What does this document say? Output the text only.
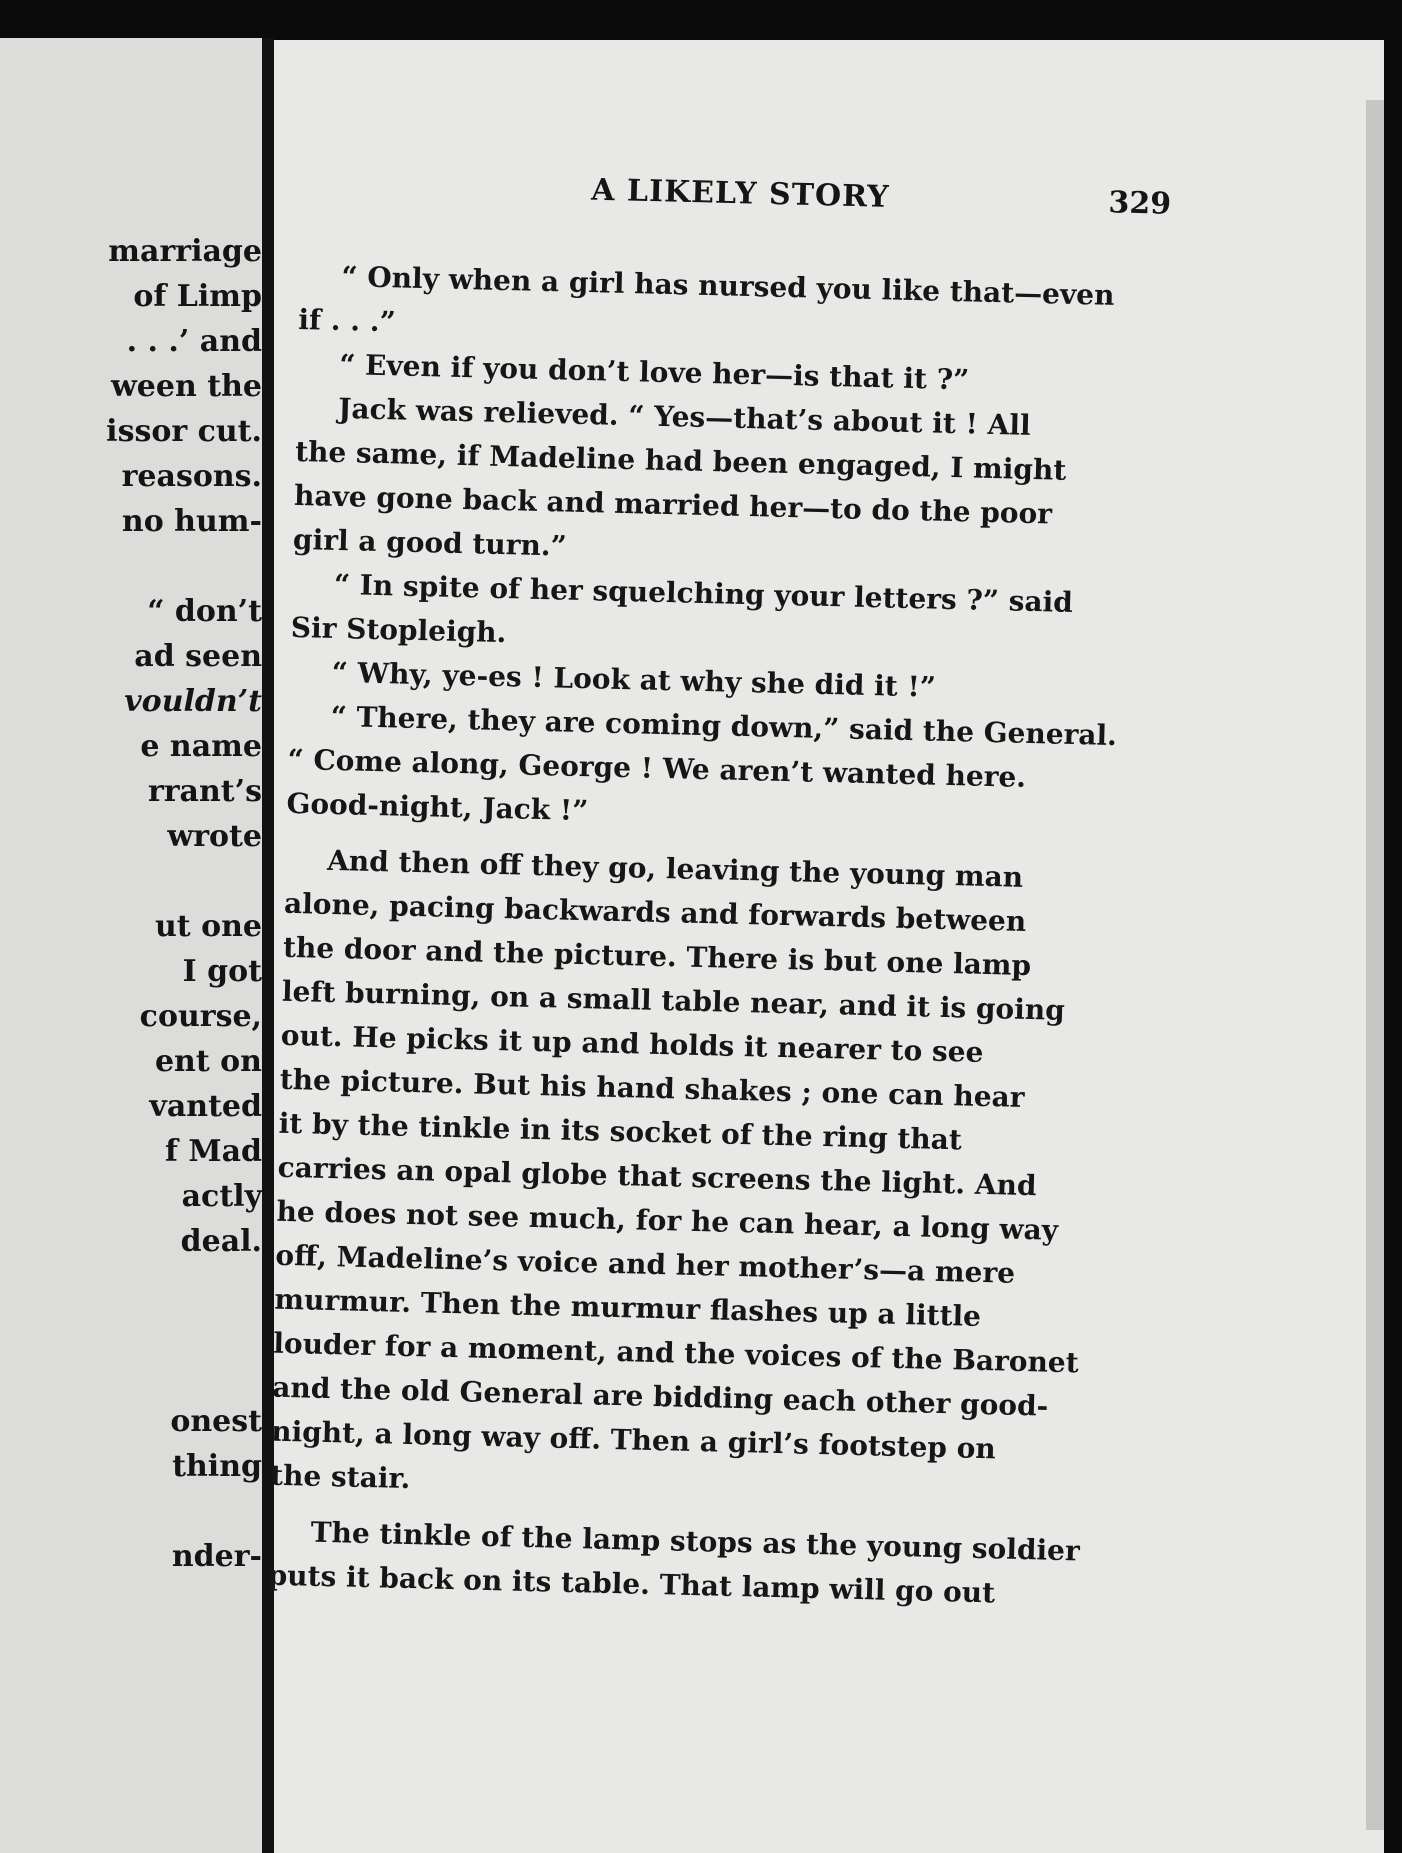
marriage
of Limp
. . .’ and
ween the
issor cut.
reasons.
no hum-
“ don’t
ad seen
vouldn’t
e name
rrant’s
wrote
ut one
I got
course,
ent on
vanted
f Mad
actly
deal.
onest
thing
nder-
A LIKELY STORY	329
“ Only when a girl has nursed you like that—even
if . . .”
“ Even if you don’t love her—is that it ?”
Jack was relieved. “ Yes—that’s about it ! All
the same, if Madeline had been engaged, I might
have gone back and married her—to do the poor
girl a good turn.”
“ In spite of her squelching your letters ?” said
Sir Stopleigh.
“ Why, ye-es ! Look at why she did it !”
“ There, they are coming down,” said the General.
“ Come along, George ! We aren’t wanted here.
Good-night, Jack !”
And then off they go, leaving the young man
alone, pacing backwards and forwards between
the door and the picture. There is but one lamp
left burning, on a small table near, and it is going
out. He picks it up and holds it nearer to see
the picture. But his hand shakes ; one can hear
it by the tinkle in its socket of the ring that
carries an opal globe that screens the light. And
he does not see much, for he can hear, a long way
off, Madeline’s voice and her mother’s—a mere
murmur. Then the murmur flashes up a little
louder for a moment, and the voices of the Baronet
and the old General are bidding each other good-
night, a long way off. Then a girl’s footstep on
the stair.
The tinkle of the lamp stops as the young soldier
puts it back on its table. That lamp will go out
